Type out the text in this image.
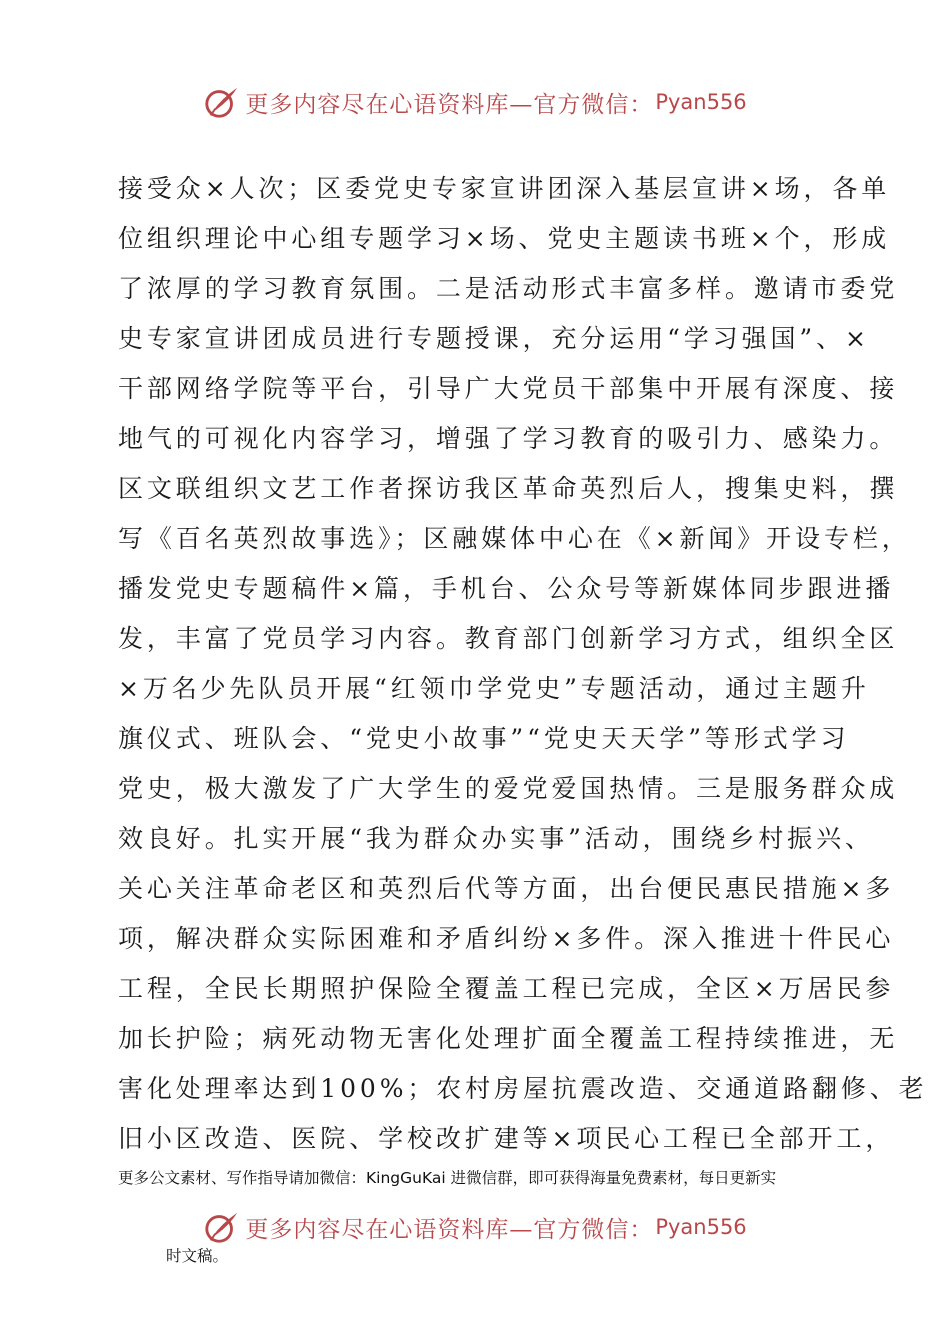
更多内容尽在心语资料库—官方微信： Pyan556
接受众×人次；区委党史专家宣讲团深入基层宣讲×场，各单
位组织理论中心组专题学习×场、党史主题读书班×个，形成
了浓厚的学习教育氛围。二是活动形式丰富多样。邀请市委党
史专家宣讲团成员进行专题授课，充分运用“学习强国”、×
干部网络学院等平台，引导广大党员干部集中开展有深度、接
地气的可视化内容学习，增强了学习教育的吸引力、感染力。
区文联组织文艺工作者探访我区革命英烈后人，搜集史料，撰
写《百名英烈故事选》；区融媒体中心在《×新闻》开设专栏，
播发党史专题稿件×篇，手机台、公众号等新媒体同步跟进播
发，丰富了党员学习内容。教育部门创新学习方式，组织全区
×万名少先队员开展“红领巾学党史”专题活动，通过主题升
旗仪式、班队会、“党史小故事”“党史天天学”等形式学习
党史，极大激发了广大学生的爱党爱国热情。三是服务群众成
效良好。扎实开展“我为群众办实事”活动，围绕乡村振兴、
关心关注革命老区和英烈后代等方面，出台便民惠民措施×多
项，解决群众实际困难和矛盾纠纷×多件。深入推进十件民心
工程，全民长期照护保险全覆盖工程已完成，全区×万居民参
加长护险；病死动物无害化处理扩面全覆盖工程持续推进，无
害化处理率达到100%；农村房屋抗震改造、交通道路翻修、老
旧小区改造、医院、学校改扩建等×项民心工程已全部开工，
更多公文素材、写作指导请加微信：KingGuKai 进微信群，即可获得海量免费素材，每日更新实
更多内容尽在心语资料库—官方微信： Pyan556
时文稿。
